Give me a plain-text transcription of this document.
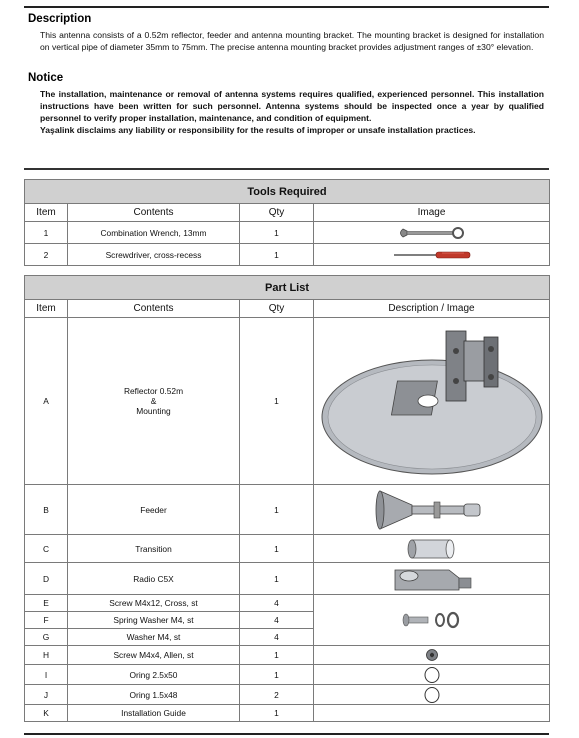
Description
This antenna consists of a 0.52m reflector, feeder and antenna mounting bracket. The mounting bracket is designed for installation on vertical pipe of diameter 35mm to 75mm. The precise antenna mounting bracket provides adjustment ranges of ±30° elevation.
Notice

The installation, maintenance or removal of antenna systems requires qualified, experienced personnel. This installation instructions have been written for such personnel. Antenna systems should be inspected once a year by qualified personnel to verify proper installation, maintenance, and condition of equipment.

Yaşalink disclaims any liability or responsibility for the results of improper or unsafe installation practices.

Tools Required			
Item	Contents	Qty	Image
1	Combination Wrench, 13mm	1	

2	Screwdriver, cross-recess	1	
Part List			
Item	Contents	Qty	Description / Image
A	Reflector 0.52m
&
Mounting	1	

B	Feeder	1	

C	Transition	1	

D	Radio C5X	1	

E	Screw M4x12, Cross, st	4	

F	Spring Washer M4, st	4	
G	Washer M4, st	4	
H	Screw M4x4, Allen, st	1	

I	Oring 2.5x50	1	

J	Oring 1.5x48	2	

K	Installation Guide	1	
